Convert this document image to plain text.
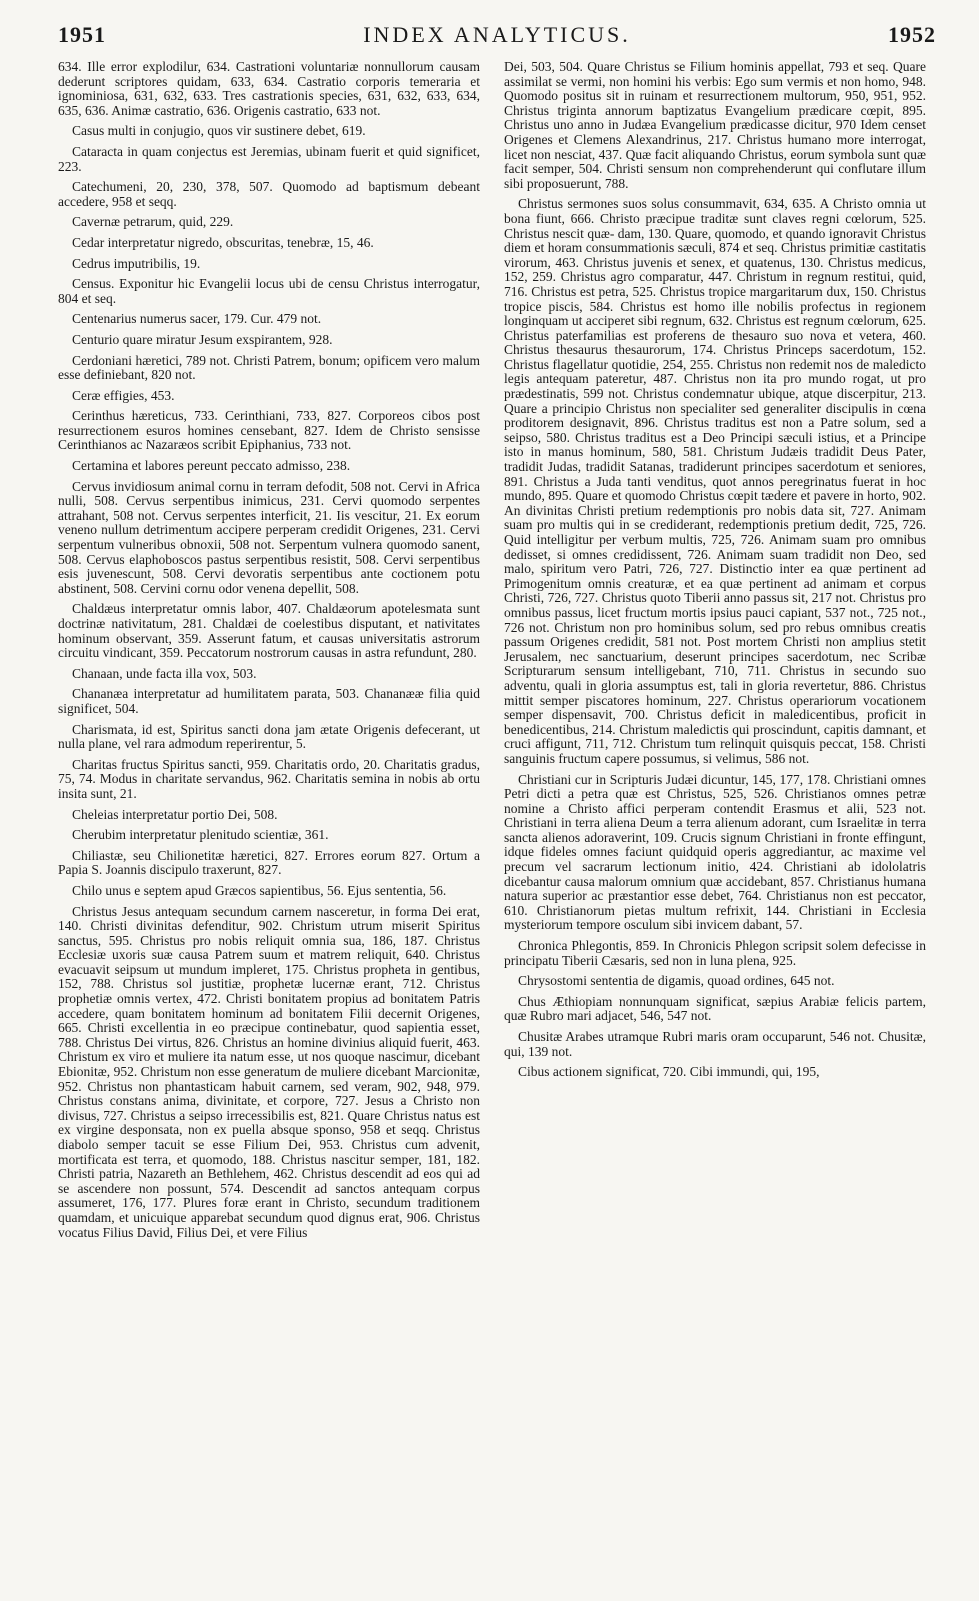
1951	INDEX ANALYTICUS.	1952

634. Ille error explodilur, 634. Castrationi voluntariæ nonnullorum causam dederunt scriptores quidam, 633, 634. Castratio corporis temeraria et ignominiosa, 631, 632, 633. Tres castrationis species, 631, 632, 633, 634, 635, 636. Animæ castratio, 636. Origenis castratio, 633 not.

Casus multi in conjugio, quos vir sustinere debet, 619.

Cataracta in quam conjectus est Jeremias, ubinam fuerit et quid significet, 223.

Catechumeni, 20, 230, 378, 507. Quomodo ad baptismum debeant accedere, 958 et seqq.

Cavernæ petrarum, quid, 229.

Cedar interpretatur nigredo, obscuritas, tenebræ, 15, 46.

Cedrus imputribilis, 19.

Census. Exponitur hic Evangelii locus ubi de censu Christus interrogatur, 804 et seq.

Centenarius numerus sacer, 179. Cur. 479 not.

Centurio quare miratur Jesum exspirantem, 928.

Cerdoniani hæretici, 789 not. Christi Patrem, bonum; opificem vero malum esse definiebant, 820 not.

Ceræ effigies, 453.

Cerinthus hæreticus, 733. Cerinthiani, 733, 827. Corporeos cibos post resurrectionem esuros homines censebant, 827. Idem de Christo sensisse Cerinthianos ac Nazaræos scribit Epiphanius, 733 not.

Certamina et labores pereunt peccato admisso, 238.

Cervus invidiosum animal cornu in terram defodit, 508 not. Cervi in Africa nulli, 508. Cervus serpentibus inimicus, 231. Cervi quomodo serpentes attrahant, 508 not. Cervus serpentes interficit, 21. Iis vescitur, 21. Ex eorum veneno nullum detrimentum accipere perperam credidit Origenes, 231. Cervi serpentum vulneribus obnoxii, 508 not. Serpentum vulnera quomodo sanent, 508. Cervus elaphoboscos pastus serpentibus resistit, 508. Cervi serpentibus esis juvenescunt, 508. Cervi devoratis serpentibus ante coctionem potu abstinent, 508. Cervini cornu odor venena depellit, 508.

Chaldæus interpretatur omnis labor, 407. Chaldæorum apotelesmata sunt doctrinæ nativitatum, 281. Chaldæi de coelestibus disputant, et nativitates hominum observant, 359. Asserunt fatum, et causas universitatis astrorum circuitu vindicant, 359. Peccatorum nostrorum causas in astra refundunt, 280.

Chanaan, unde facta illa vox, 503.

Chananæa interpretatur ad humilitatem parata, 503. Chananææ filia quid significet, 504.

Charismata, id est, Spiritus sancti dona jam ætate Origenis defecerant, ut nulla plane, vel rara admodum reperirentur, 5.

Charitas fructus Spiritus sancti, 959. Charitatis ordo, 20. Charitatis gradus, 75, 74. Modus in charitate servandus, 962. Charitatis semina in nobis ab ortu insita sunt, 21.

Cheleias interpretatur portio Dei, 508.

Cherubim interpretatur plenitudo scientiæ, 361.

Chiliastæ, seu Chilionetitæ hæretici, 827. Errores eorum 827. Ortum a Papia S. Joannis discipulo traxerunt, 827.

Chilo unus e septem apud Græcos sapientibus, 56. Ejus sententia, 56.

Christus Jesus antequam secundum carnem nasceretur, in forma Dei erat, 140. Christi divinitas defenditur, 902. Christum utrum miserit Spiritus sanctus, 595. Christus pro nobis reliquit omnia sua, 186, 187. Christus Ecclesiæ uxoris suæ causa Patrem suum et matrem reliquit, 640. Christus evacuavit seipsum ut mundum impleret, 175. Christus propheta in gentibus, 152, 788. Christus sol justitiæ, prophetæ lucernæ erant, 712. Christus prophetiæ omnis vertex, 472. Christi bonitatem propius ad bonitatem Patris accedere, quam bonitatem hominum ad bonitatem Filii decernit Origenes, 665. Christi excellentia in eo præcipue continebatur, quod sapientia esset, 788. Christus Dei virtus, 826. Christus an homine divinius aliquid fuerit, 463. Christum ex viro et muliere ita natum esse, ut nos quoque nascimur, dicebant Ebionitæ, 952. Christum non esse generatum de muliere dicebant Marcionitæ, 952. Christus non phantasticam habuit carnem, sed veram, 902, 948, 979. Christus constans anima, divinitate, et corpore, 727. Jesus a Christo non divisus, 727. Christus a seipso irrecessibilis est, 821. Quare Christus natus est ex virgine desponsata, non ex puella absque sponso, 958 et seqq. Christus diabolo semper tacuit se esse Filium Dei, 953. Christus cum advenit, mortificata est terra, et quomodo, 188. Christus nascitur semper, 181, 182. Christi patria, Nazareth an Bethlehem, 462. Christus descendit ad eos qui ad se ascendere non possunt, 574. Descendit ad sanctos antequam corpus assumeret, 176, 177. Plures foræ erant in Christo, secundum traditionem quamdam, et unicuique apparebat secundum quod dignus erat, 906. Christus vocatus Filius David, Filius Dei, et vere Filius

Dei, 503, 504. Quare Christus se Filium hominis appellat, 793 et seq. Quare assimilat se vermi, non homini his verbis: Ego sum vermis et non homo, 948. Quomodo positus sit in ruinam et resurrectionem multorum, 950, 951, 952. Christus triginta annorum baptizatus Evangelium prædicare cœpit, 895. Christus uno anno in Judæa Evangelium prædicasse dicitur, 970 Idem censet Origenes et Clemens Alexandrinus, 217. Christus humano more interrogat, licet non nesciat, 437. Quæ facit aliquando Christus, eorum symbola sunt quæ facit semper, 504. Christi sensum non comprehenderunt qui conflutare illum sibi proposuerunt, 788.

Christus sermones suos solus consummavit, 634, 635. A Christo omnia ut bona fiunt, 666. Christo præcipue traditæ sunt claves regni cœlorum, 525. Christus nescit quæ- dam, 130. Quare, quomodo, et quando ignoravit Christus diem et horam consummationis sæculi, 874 et seq. Christus primitiæ castitatis virorum, 463. Christus juvenis et senex, et quatenus, 130. Christus medicus, 152, 259. Christus agro comparatur, 447. Christum in regnum restitui, quid, 716. Christus est petra, 525. Christus tropice margaritarum dux, 150. Christus tropice piscis, 584. Christus est homo ille nobilis profectus in regionem longinquam ut acciperet sibi regnum, 632. Christus est regnum cœlorum, 625. Christus paterfamilias est proferens de thesauro suo nova et vetera, 460. Christus thesaurus thesaurorum, 174. Christus Princeps sacerdotum, 152. Christus flagellatur quotidie, 254, 255. Christus non redemit nos de maledicto legis antequam pateretur, 487. Christus non ita pro mundo rogat, ut pro prædestinatis, 599 not. Christus condemnatur ubique, atque discerpitur, 213. Quare a principio Christus non specialiter sed generaliter discipulis in cœna proditorem designavit, 896. Christus traditus est non a Patre solum, sed a seipso, 580. Christus traditus est a Deo Principi sæculi istius, et a Principe isto in manus hominum, 580, 581. Christum Judæis tradidit Deus Pater, tradidit Judas, tradidit Satanas, tradiderunt principes sacerdotum et seniores, 891. Christus a Juda tanti venditus, quot annos peregrinatus fuerat in hoc mundo, 895. Quare et quomodo Christus cœpit tædere et pavere in horto, 902. An divinitas Christi pretium redemptionis pro nobis data sit, 727. Animam suam pro multis qui in se crediderant, redemptionis pretium dedit, 725, 726. Quid intelligitur per verbum multis, 725, 726. Animam suam pro omnibus dedisset, si omnes credidissent, 726. Animam suam tradidit non Deo, sed malo, spiritum vero Patri, 726, 727. Distinctio inter ea quæ pertinent ad Primogenitum omnis creaturæ, et ea quæ pertinent ad animam et corpus Christi, 726, 727. Christus quoto Tiberii anno passus sit, 217 not. Christus pro omnibus passus, licet fructum mortis ipsius pauci capiant, 537 not., 725 not., 726 not. Christum non pro hominibus solum, sed pro rebus omnibus creatis passum Origenes credidit, 581 not. Post mortem Christi non amplius stetit Jerusalem, nec sanctuarium, deserunt principes sacerdotum, nec Scribæ Scripturarum sensum intelligebant, 710, 711. Christus in secundo suo adventu, quali in gloria assumptus est, tali in gloria revertetur, 886. Christus mittit semper piscatores hominum, 227. Christus operariorum vocationem semper dispensavit, 700. Christus deficit in maledicentibus, proficit in benedicentibus, 214. Christum maledictis qui proscindunt, capitis damnant, et cruci affigunt, 711, 712. Christum tum relinquit quisquis peccat, 158. Christi sanguinis fructum capere possumus, si velimus, 586 not.

Christiani cur in Scripturis Judæi dicuntur, 145, 177, 178. Christiani omnes Petri dicti a petra quæ est Christus, 525, 526. Christianos omnes petræ nomine a Christo affici perperam contendit Erasmus et alii, 523 not. Christiani in terra aliena Deum a terra alienum adorant, cum Israelitæ in terra sancta alienos adoraverint, 109. Crucis signum Christiani in fronte effingunt, idque fideles omnes faciunt quidquid operis aggrediantur, ac maxime vel precum vel sacrarum lectionum initio, 424. Christiani ab idololatris dicebantur causa malorum omnium quæ accidebant, 857. Christianus humana natura superior ac præstantior esse debet, 764. Christianus non est peccator, 610. Christianorum pietas multum refrixit, 144. Christiani in Ecclesia mysteriorum tempore osculum sibi invicem dabant, 57.

Chronica Phlegontis, 859. In Chronicis Phlegon scripsit solem defecisse in principatu Tiberii Cæsaris, sed non in luna plena, 925.

Chrysostomi sententia de digamis, quoad ordines, 645 not.

Chus Æthiopiam nonnunquam significat, sæpius Arabiæ felicis partem, quæ Rubro mari adjacet, 546, 547 not.

Chusitæ Arabes utramque Rubri maris oram occuparunt, 546 not. Chusitæ, qui, 139 not.

Cibus actionem significat, 720. Cibi immundi, qui, 195,
